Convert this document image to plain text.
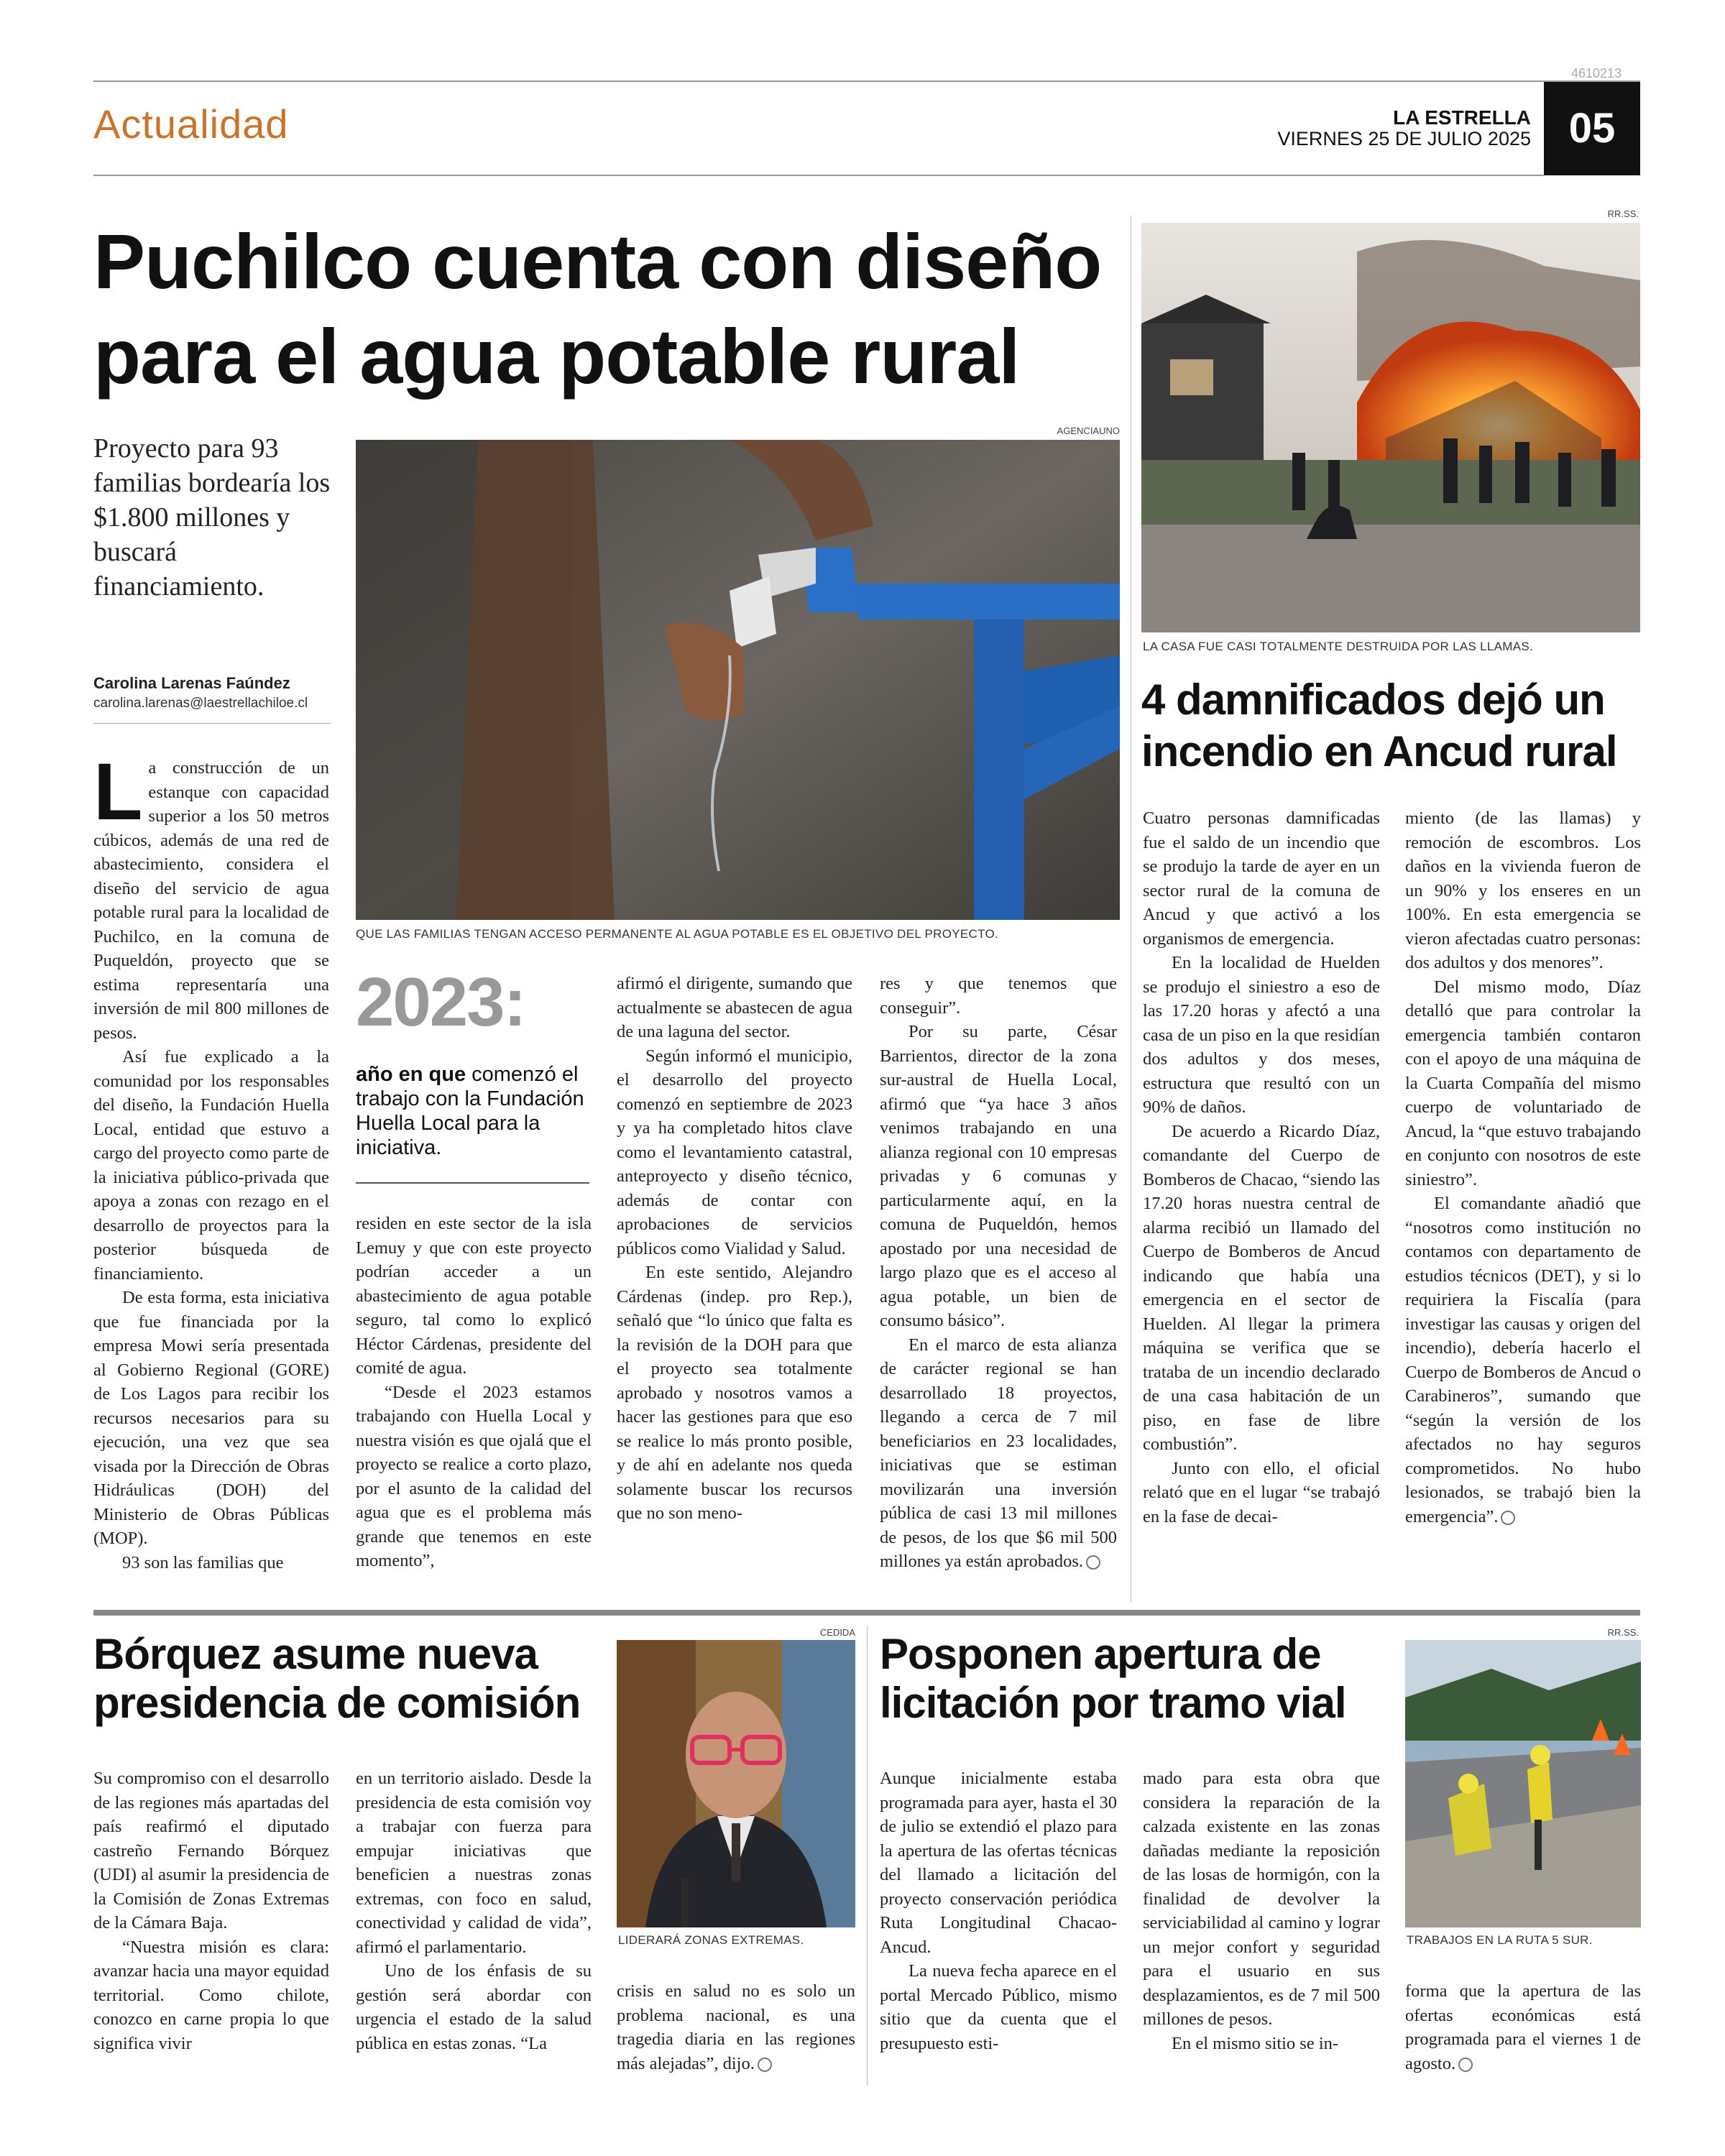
4610213
Actualidad	LA ESTRELLA
VIERNES 25 DE JULIO 2025 05
Puchilco cuenta con diseño para el agua potable rural
Proyecto para 93 familias bordearía los $1.800 millones y buscará financiamiento.
Carolina Larenas Faúndez
carolina.larenas@laestrellachiloe.cl
AGENCIAUNO
QUE LAS FAMILIAS TENGAN ACCESO PERMANENTE AL AGUA POTABLE ES EL OBJETIVO DEL PROYECTO.
2023:
año en que comenzó el trabajo con la Fundación Huella Local para la iniciativa.

La construcción de un estanque con capacidad superior a los 50 metros cúbicos, además de una red de abastecimiento, considera el diseño del servicio de agua potable rural para la localidad de Puchilco, en la comuna de Puqueldón, proyecto que se estima representaría una inversión de mil 800 millones de pesos.

Así fue explicado a la comunidad por los responsables del diseño, la Fundación Huella Local, entidad que estuvo a cargo del proyecto como parte de la iniciativa público-privada que apoya a zonas con rezago en el desarrollo de proyectos para la posterior búsqueda de financiamiento.

De esta forma, esta iniciativa que fue financiada por la empresa Mowi sería presentada al Gobierno Regional (GORE) de Los Lagos para recibir los recursos necesarios para su ejecución, una vez que sea visada por la Dirección de Obras Hidráulicas (DOH) del Ministerio de Obras Públicas (MOP).

93 son las familias que

residen en este sector de la isla Lemuy y que con este proyecto podrían acceder a un abastecimiento de agua potable seguro, tal como lo explicó Héctor Cárdenas, presidente del comité de agua.

“Desde el 2023 estamos trabajando con Huella Local y nuestra visión es que ojalá que el proyecto se realice a corto plazo, por el asunto de la calidad del agua que es el problema más grande que tenemos en este momento”,

afirmó el dirigente, sumando que actualmente se abastecen de agua de una laguna del sector.

Según informó el municipio, el desarrollo del proyecto comenzó en septiembre de 2023 y ya ha completado hitos clave como el levantamiento catastral, anteproyecto y diseño técnico, además de contar con aprobaciones de servicios públicos como Vialidad y Salud.

En este sentido, Alejandro Cárdenas (indep. pro Rep.), señaló que “lo único que falta es la revisión de la DOH para que el proyecto sea totalmente aprobado y nosotros vamos a hacer las gestiones para que eso se realice lo más pronto posible, y de ahí en adelante nos queda solamente buscar los recursos que no son meno-

res y que tenemos que conseguir”.

Por su parte, César Barrientos, director de la zona sur-austral de Huella Local, afirmó que “ya hace 3 años venimos trabajando en una alianza regional con 10 empresas privadas y 6 comunas y particularmente aquí, en la comuna de Puqueldón, hemos apostado por una necesidad de largo plazo que es el acceso al agua potable, un bien de consumo básico”.

En el marco de esta alianza de carácter regional se han desarrollado 18 proyectos, llegando a cerca de 7 mil beneficiarios en 23 localidades, iniciativas que se estiman movilizarán una inversión pública de casi 13 mil millones de pesos, de los que $6 mil 500 millones ya están aprobados.

RR.SS.
LA CASA FUE CASI TOTALMENTE DESTRUIDA POR LAS LLAMAS.
4 damnificados dejó un incendio en Ancud rural

Cuatro personas damnificadas fue el saldo de un incendio que se produjo la tarde de ayer en un sector rural de la comuna de Ancud y que activó a los organismos de emergencia.

En la localidad de Huelden se produjo el siniestro a eso de las 17.20 horas y afectó a una casa de un piso en la que residían dos adultos y dos meses, estructura que resultó con un 90% de daños.

De acuerdo a Ricardo Díaz, comandante del Cuerpo de Bomberos de Chacao, “siendo las 17.20 horas nuestra central de alarma recibió un llamado del Cuerpo de Bomberos de Ancud indicando que había una emergencia en el sector de Huelden. Al llegar la primera máquina se verifica que se trataba de un incendio declarado de una casa habitación de un piso, en fase de libre combustión”.

Junto con ello, el oficial relató que en el lugar “se trabajó en la fase de decai-

miento (de las llamas) y remoción de escombros. Los daños en la vivienda fueron de un 90% y los enseres en un 100%. En esta emergencia se vieron afectadas cuatro personas: dos adultos y dos menores”.

Del mismo modo, Díaz detalló que para controlar la emergencia también contaron con el apoyo de una máquina de la Cuarta Compañía del mismo cuerpo de voluntariado de Ancud, la “que estuvo trabajando en conjunto con nosotros de este siniestro”.

El comandante añadió que “nosotros como institución no contamos con departamento de estudios técnicos (DET), y si lo requiriera la Fiscalía (para investigar las causas y origen del incendio), debería hacerlo el Cuerpo de Bomberos de Ancud o Carabineros”, sumando que “según la versión de los afectados no hay seguros comprometidos. No hubo lesionados, se trabajó bien la emergencia”.

Bórquez asume nueva presidencia de comisión
CEDIDA
LIDERARÁ ZONAS EXTREMAS.

Su compromiso con el desarrollo de las regiones más apartadas del país reafirmó el diputado castreño Fernando Bórquez (UDI) al asumir la presidencia de la Comisión de Zonas Extremas de la Cámara Baja.

“Nuestra misión es clara: avanzar hacia una mayor equidad territorial. Como chilote, conozco en carne propia lo que significa vivir

en un territorio aislado. Desde la presidencia de esta comisión voy a trabajar con fuerza para empujar iniciativas que beneficien a nuestras zonas extremas, con foco en salud, conectividad y calidad de vida”, afirmó el parlamentario.

Uno de los énfasis de su gestión será abordar con urgencia el estado de la salud pública en estas zonas. “La

crisis en salud no es solo un problema nacional, es una tragedia diaria en las regiones más alejadas”, dijo.

Posponen apertura de licitación por tramo vial
RR.SS.
TRABAJOS EN LA RUTA 5 SUR.

Aunque inicialmente estaba programada para ayer, hasta el 30 de julio se extendió el plazo para la apertura de las ofertas técnicas del llamado a licitación del proyecto conservación periódica Ruta Longitudinal Chacao-Ancud.

La nueva fecha aparece en el portal Mercado Público, mismo sitio que da cuenta que el presupuesto esti-

mado para esta obra que considera la reparación de la calzada existente en las zonas dañadas mediante la reposición de las losas de hormigón, con la finalidad de devolver la serviciabilidad al camino y lograr un mejor confort y seguridad para el usuario en sus desplazamientos, es de 7 mil 500 millones de pesos.

En el mismo sitio se in-

forma que la apertura de las ofertas económicas está programada para el viernes 1 de agosto.
